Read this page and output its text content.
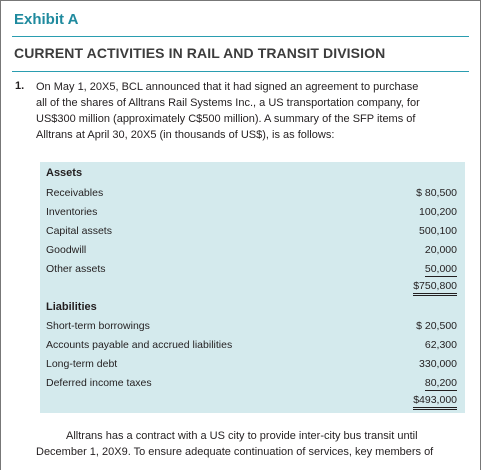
Exhibit A
CURRENT ACTIVITIES IN RAIL AND TRANSIT DIVISION
1. On May 1, 20X5, BCL announced that it had signed an agreement to purchase
all of the shares of Alltrans Rail Systems Inc., a US transportation company, for
US$300 million (approximately C$500 million). A summary of the SFP items of
Alltrans at April 30, 20X5 (in thousands of US$), is as follows:
Assets
Receivables	$ 80,500
Inventories	100,200
Capital assets	500,100
Goodwill	20,000
Other assets	50,000
$750,800
Liabilities
Short-term borrowings	$ 20,500
Accounts payable and accrued liabilities	62,300
Long-term debt	330,000
Deferred income taxes	80,200
$493,000
Alltrans has a contract with a US city to provide inter-city bus transit until
December 1, 20X9. To ensure adequate continuation of services, key members of
